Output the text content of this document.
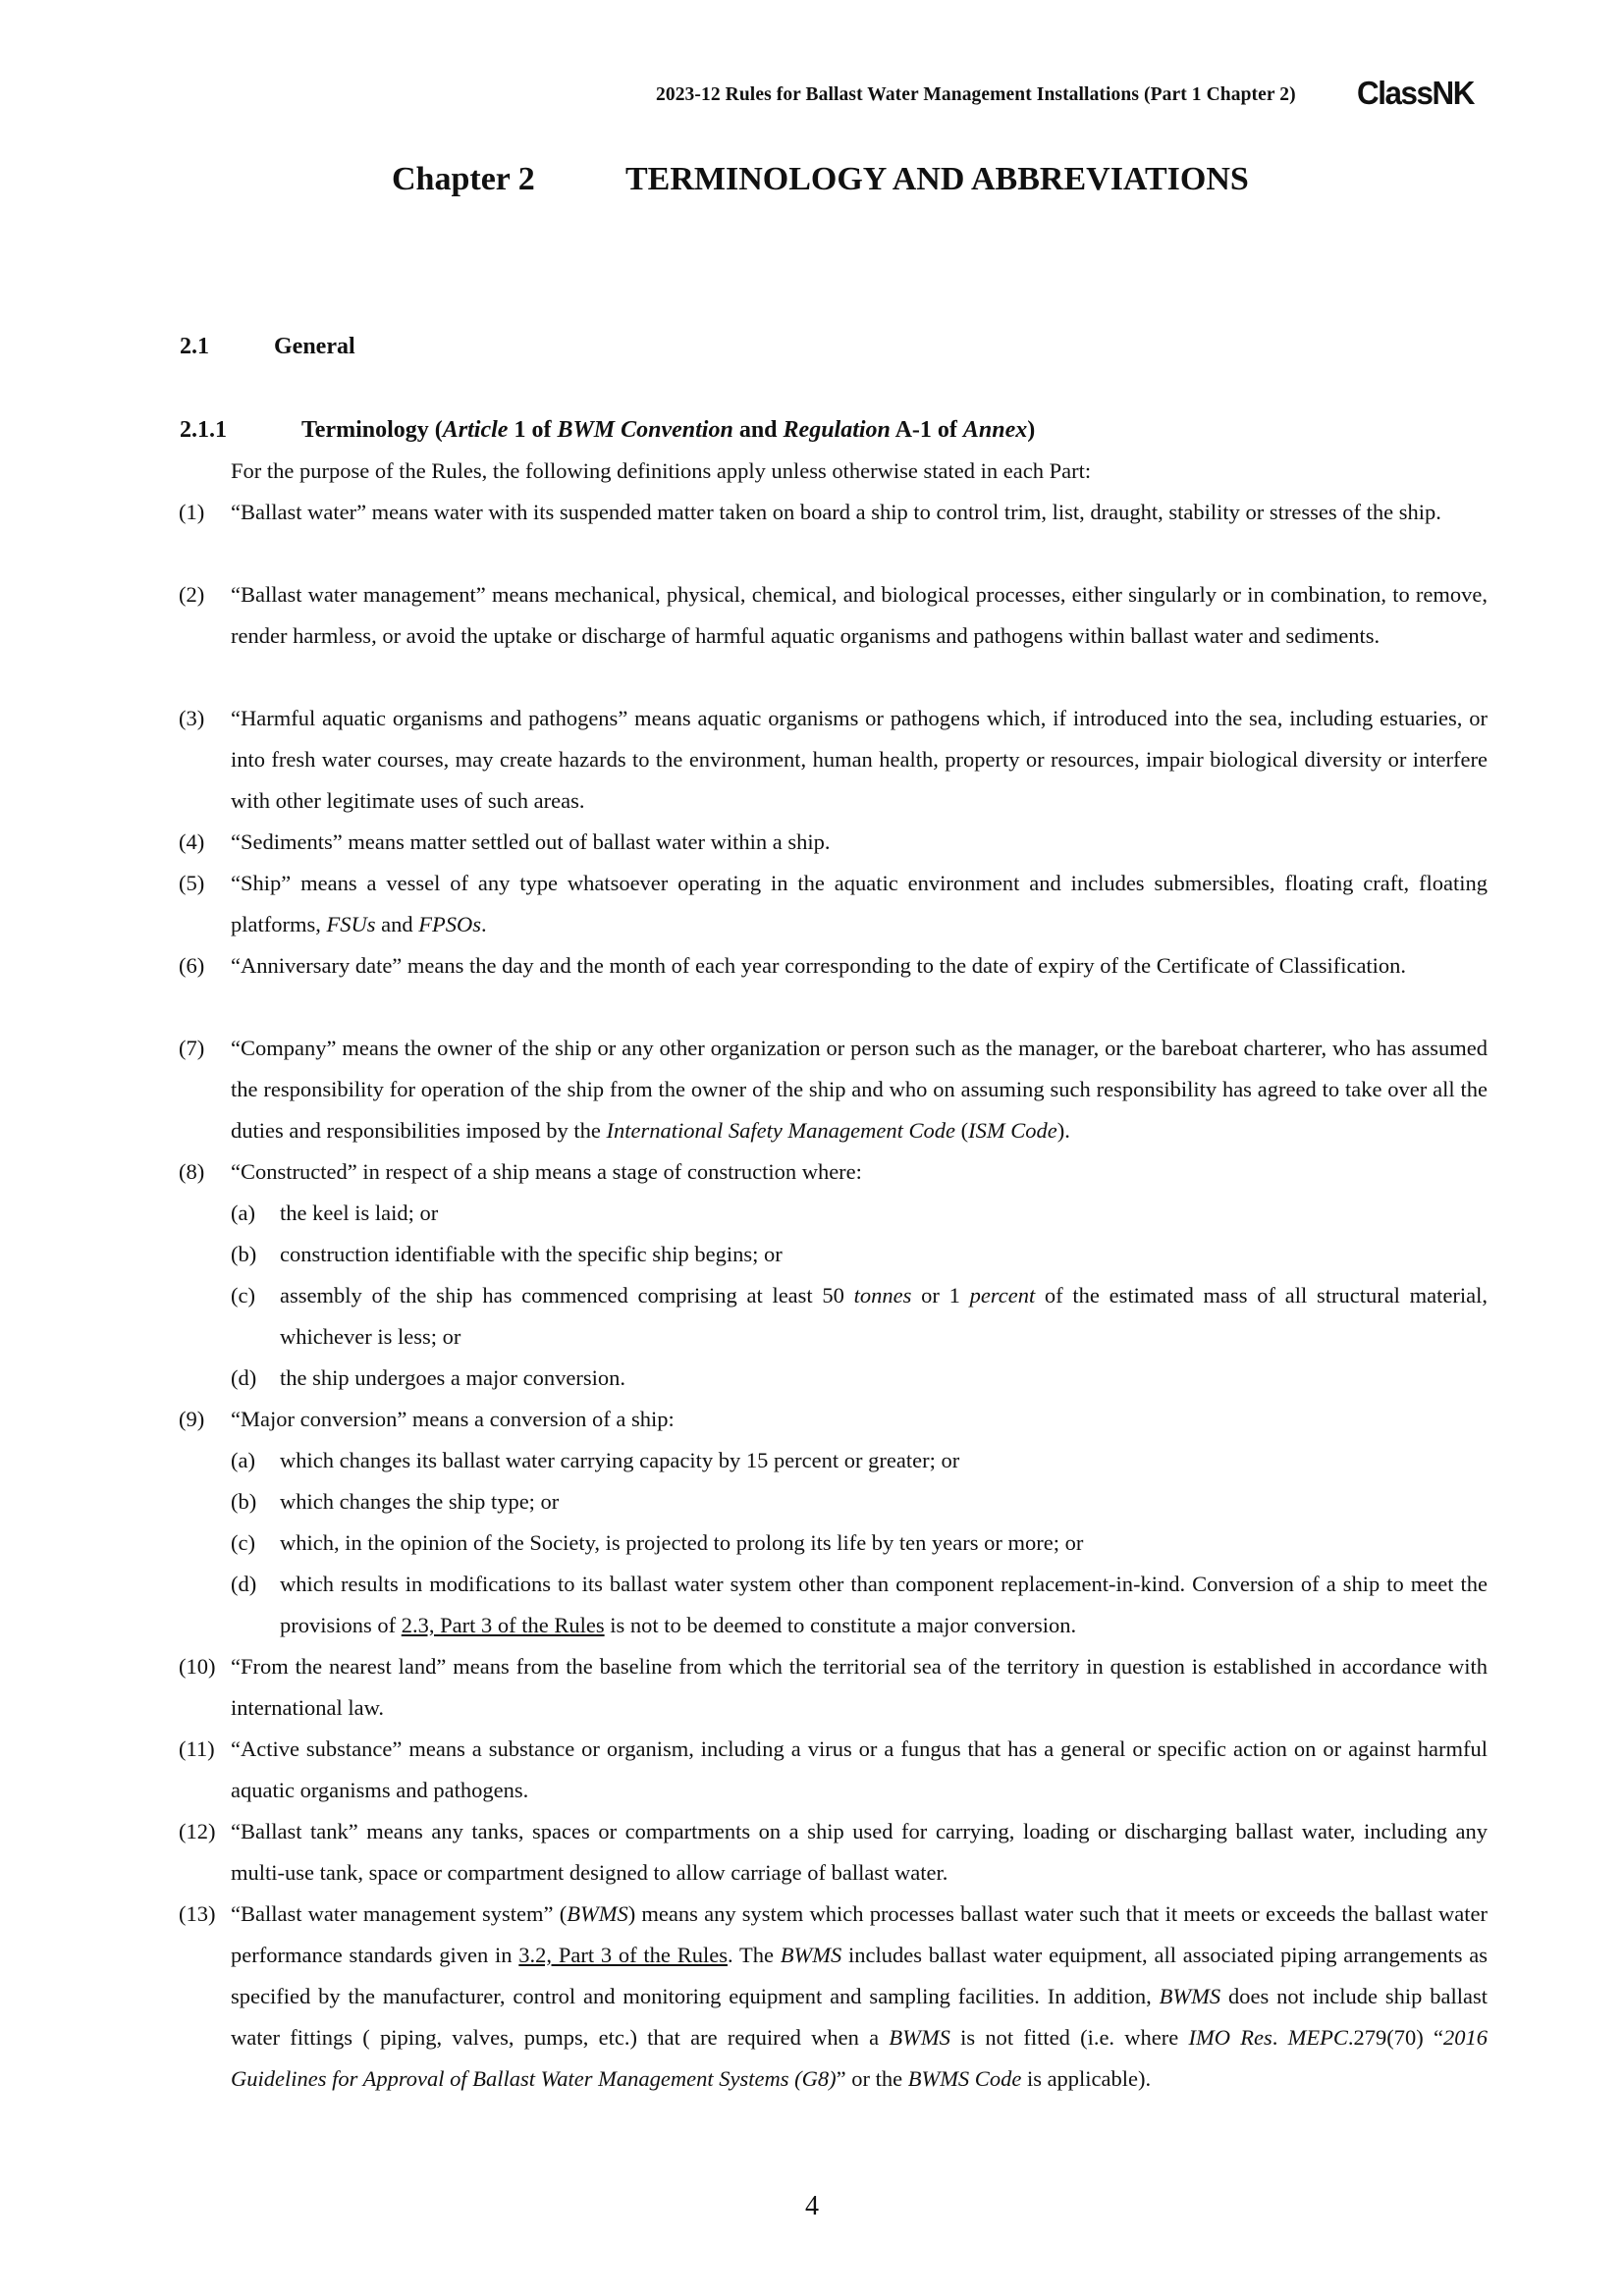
2023-12 Rules for Ballast Water Management Installations (Part 1 Chapter 2)	ClassNK
Chapter 2	TERMINOLOGY AND ABBREVIATIONS
2.1	General
2.1.1	Terminology (Article 1 of BWM Convention and Regulation A-1 of Annex)
For the purpose of the Rules, the following definitions apply unless otherwise stated in each Part:
(1) “Ballast water” means water with its suspended matter taken on board a ship to control trim, list, draught, stability or stresses of the ship.
(2) “Ballast water management” means mechanical, physical, chemical, and biological processes, either singularly or in combination, to remove, render harmless, or avoid the uptake or discharge of harmful aquatic organisms and pathogens within ballast water and sediments.
(3) “Harmful aquatic organisms and pathogens” means aquatic organisms or pathogens which, if introduced into the sea, including estuaries, or into fresh water courses, may create hazards to the environment, human health, property or resources, impair biological diversity or interfere with other legitimate uses of such areas.
(4) “Sediments” means matter settled out of ballast water within a ship.
(5) “Ship” means a vessel of any type whatsoever operating in the aquatic environment and includes submersibles, floating craft, floating platforms, FSUs and FPSOs.
(6) “Anniversary date” means the day and the month of each year corresponding to the date of expiry of the Certificate of Classification.
(7) “Company” means the owner of the ship or any other organization or person such as the manager, or the bareboat charterer, who has assumed the responsibility for operation of the ship from the owner of the ship and who on assuming such responsibility has agreed to take over all the duties and responsibilities imposed by the International Safety Management Code (ISM Code).
(8) “Constructed” in respect of a ship means a stage of construction where:
(a) the keel is laid; or
(b) construction identifiable with the specific ship begins; or
(c) assembly of the ship has commenced comprising at least 50 tonnes or 1 percent of the estimated mass of all structural material, whichever is less; or
(d) the ship undergoes a major conversion.
(9) “Major conversion” means a conversion of a ship:
(a) which changes its ballast water carrying capacity by 15 percent or greater; or
(b) which changes the ship type; or
(c) which, in the opinion of the Society, is projected to prolong its life by ten years or more; or
(d) which results in modifications to its ballast water system other than component replacement-in-kind. Conversion of a ship to meet the provisions of 2.3, Part 3 of the Rules is not to be deemed to constitute a major conversion.
(10) “From the nearest land” means from the baseline from which the territorial sea of the territory in question is established in accordance with international law.
(11) “Active substance” means a substance or organism, including a virus or a fungus that has a general or specific action on or against harmful aquatic organisms and pathogens.
(12) “Ballast tank” means any tanks, spaces or compartments on a ship used for carrying, loading or discharging ballast water, including any multi-use tank, space or compartment designed to allow carriage of ballast water.
(13) “Ballast water management system” (BWMS) means any system which processes ballast water such that it meets or exceeds the ballast water performance standards given in 3.2, Part 3 of the Rules. The BWMS includes ballast water equipment, all associated piping arrangements as specified by the manufacturer, control and monitoring equipment and sampling facilities. In addition, BWMS does not include ship ballast water fittings ( piping, valves, pumps, etc.) that are required when a BWMS is not fitted (i.e. where IMO Res. MEPC.279(70) “2016 Guidelines for Approval of Ballast Water Management Systems (G8)” or the BWMS Code is applicable).
4
